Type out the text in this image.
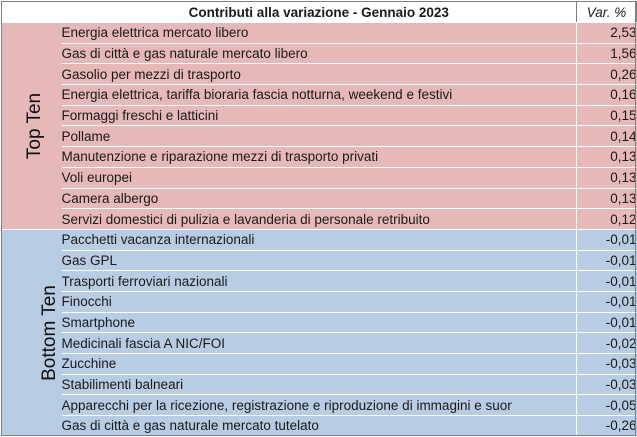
	Contributi alla variazione - Gennaio 2023	Var. %
Top Ten	Energia elettrica mercato libero	2,53
	Gas di città e gas naturale mercato libero	1,56
	Gasolio per mezzi di trasporto	0,26
	Energia elettrica, tariffa bioraria fascia notturna, weekend e festivi	0,16
	Formaggi freschi e latticini	0,15
	Pollame	0,14
	Manutenzione e riparazione mezzi di trasporto privati	0,13
	Voli europei	0,13
	Camera albergo	0,13
	Servizi domestici di pulizia e lavanderia di personale retribuito	0,12
Bottom Ten	Pacchetti vacanza internazionali	-0,01
	Gas GPL	-0,01
	Trasporti ferroviari nazionali	-0,01
	Finocchi	-0,01
	Smartphone	-0,01
	Medicinali fascia A NIC/FOI	-0,02
	Zucchine	-0,03
	Stabilimenti balneari	-0,03
	Apparecchi per la ricezione, registrazione e riproduzione di immagini e suor	-0,05
	Gas di città e gas naturale mercato tutelato	-0,26
